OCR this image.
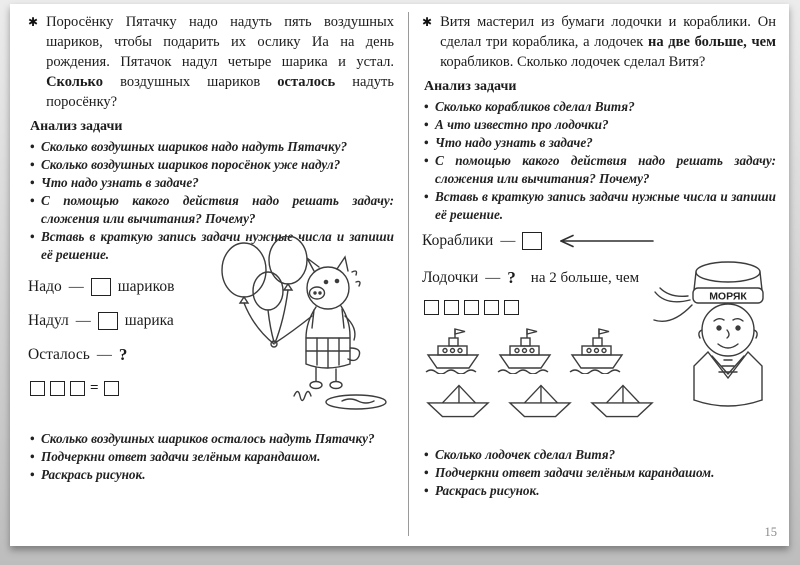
✱ Поросёнку Пятачку надо надуть пять воздушных шариков, чтобы подарить их ослику Иа на день рождения. Пятачок надул четыре шарика и устал. Сколько воздушных шариков осталось надуть поросёнку?

Анализ задачи
• Сколько воздушных шариков надо надуть Пятачку?
• Сколько воздушных шариков поросёнок уже надул?
• Что надо узнать в задаче?
• С помощью какого действия надо решать задачу: сложения или вычитания? Почему?
• Вставь в краткую запись задачи нужные числа и запиши её решение.
Надо — шариков
Надул — шарика
Осталось — ?
=
• Сколько воздушных шариков осталось надуть Пятачку?
• Подчеркни ответ задачи зелёным карандашом.
• Раскрась рисунок.
✱ Витя мастерил из бумаги лодочки и кораблики. Он сделал три кораблика, а лодочек на две больше, чем корабликов. Сколько лодочек сделал Витя?

Анализ задачи
• Сколько корабликов сделал Витя?
• А что известно про лодочки?
• Что надо узнать в задаче?
• С помощью какого действия надо решать задачу: сложения или вычитания? Почему?
• Вставь в краткую запись задачи нужные числа и запиши её решение.
Кораблики —
Лодочки — ? на 2 больше, чем
МОРЯК
• Сколько лодочек сделал Витя?
• Подчеркни ответ задачи зелёным карандашом.
• Раскрась рисунок.
15
